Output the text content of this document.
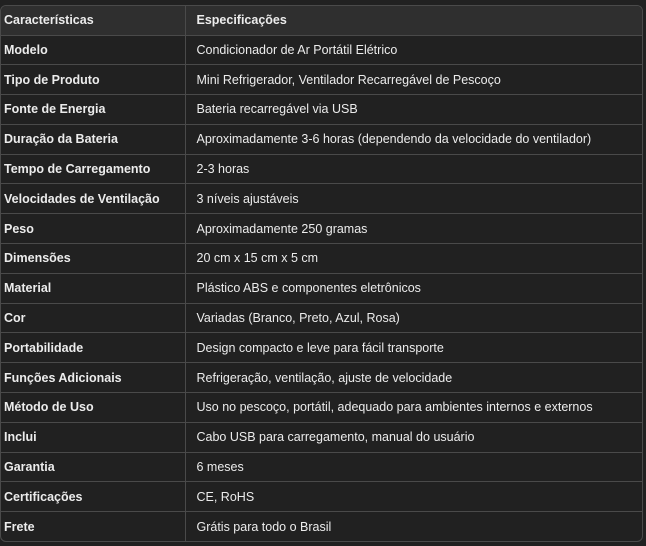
Características	Especificações
Modelo	Condicionador de Ar Portátil Elétrico
Tipo de Produto	Mini Refrigerador, Ventilador Recarregável de Pescoço
Fonte de Energia	Bateria recarregável via USB
Duração da Bateria	Aproximadamente 3-6 horas (dependendo da velocidade do ventilador)
Tempo de Carregamento	2-3 horas
Velocidades de Ventilação	3 níveis ajustáveis
Peso	Aproximadamente 250 gramas
Dimensões	20 cm x 15 cm x 5 cm
Material	Plástico ABS e componentes eletrônicos
Cor	Variadas (Branco, Preto, Azul, Rosa)
Portabilidade	Design compacto e leve para fácil transporte
Funções Adicionais	Refrigeração, ventilação, ajuste de velocidade
Método de Uso	Uso no pescoço, portátil, adequado para ambientes internos e externos
Inclui	Cabo USB para carregamento, manual do usuário
Garantia	6 meses
Certificações	CE, RoHS
Frete	Grátis para todo o Brasil
